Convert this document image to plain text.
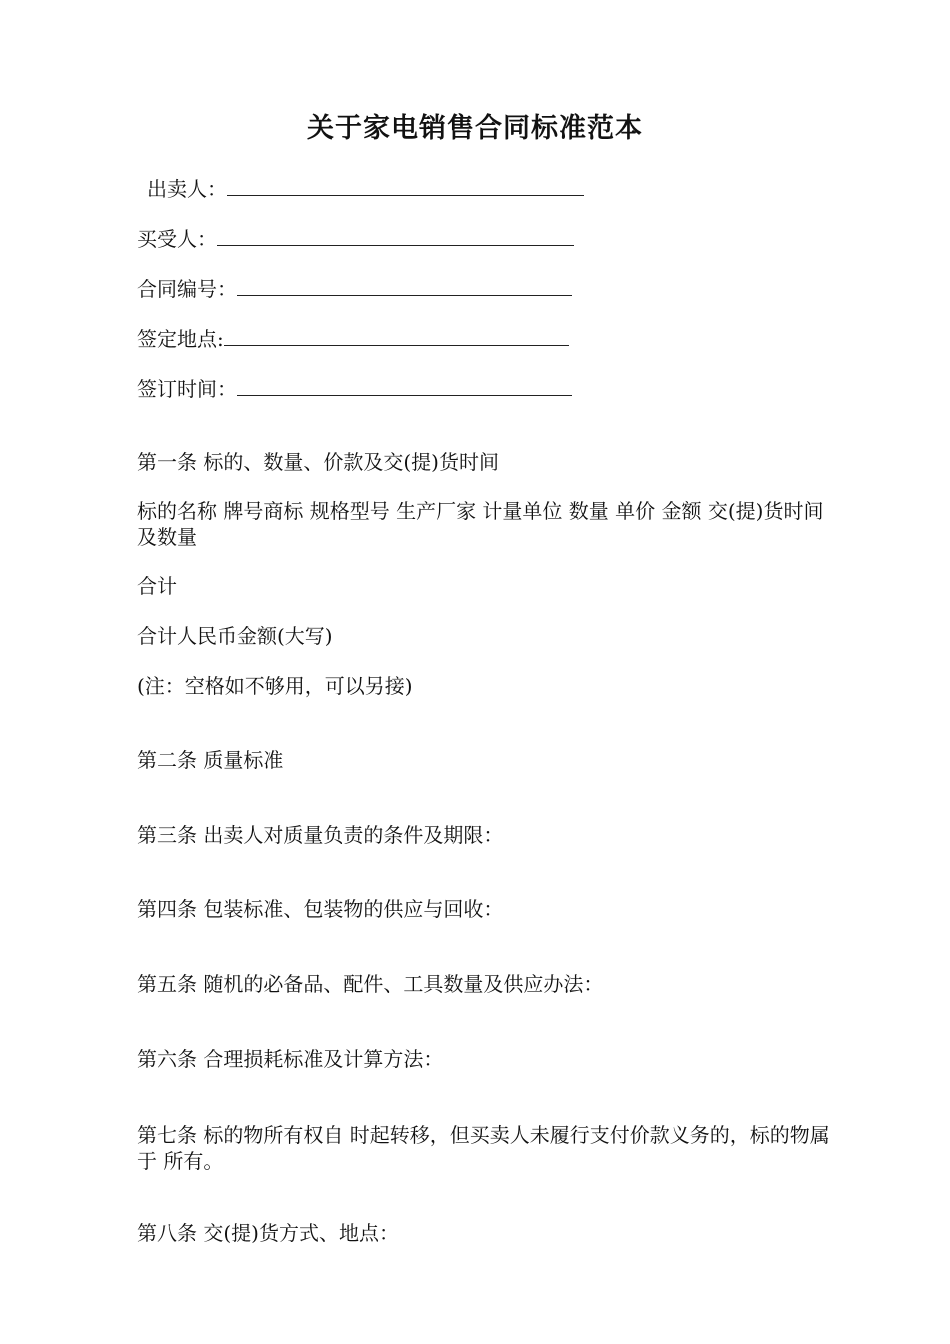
关于家电销售合同标准范本
出卖人：
买受人：
合同编号：
签定地点:
签订时间：
第一条 标的、数量、价款及交(提)货时间
标的名称 牌号商标 规格型号 生产厂家 计量单位 数量 单价 金额 交(提)货时间及数量
合计
合计人民币金额(大写)
(注：空格如不够用，可以另接)
第二条 质量标准
第三条 出卖人对质量负责的条件及期限：
第四条 包装标准、包装物的供应与回收：
第五条 随机的必备品、配件、工具数量及供应办法：
第六条 合理损耗标准及计算方法：
第七条 标的物所有权自 时起转移，但买卖人未履行支付价款义务的，标的物属于 所有。
第八条 交(提)货方式、地点：
